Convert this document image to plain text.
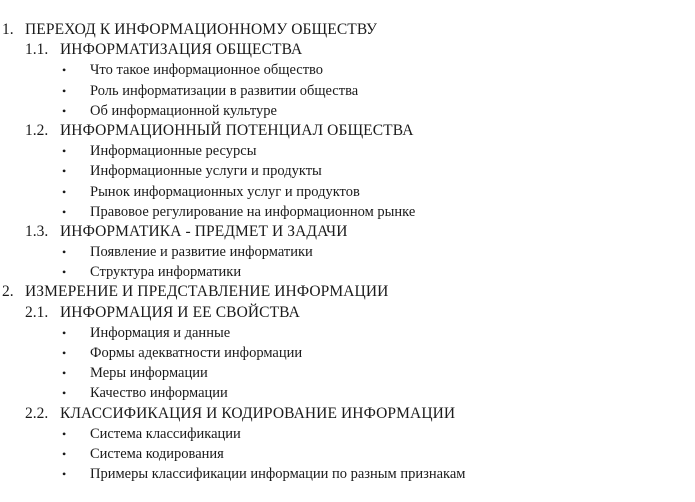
1. ПЕРЕХОД К ИНФОРМАЦИОННОМУ ОБЩЕСТВУ
1.1. ИНФОРМАТИЗАЦИЯ ОБЩЕСТВА
• Что такое информационное общество
• Роль информатизации в развитии общества
• Об информационной культуре
1.2. ИНФОРМАЦИОННЫЙ ПОТЕНЦИАЛ ОБЩЕСТВА
• Информационные ресурсы
• Информационные услуги и продукты
• Рынок информационных услуг и продуктов
• Правовое регулирование на информационном рынке
1.3. ИНФОРМАТИКА - ПРЕДМЕТ И ЗАДАЧИ
• Появление и развитие информатики
• Структура информатики
2. ИЗМЕРЕНИЕ И ПРЕДСТАВЛЕНИЕ ИНФОРМАЦИИ
2.1. ИНФОРМАЦИЯ И ЕЕ СВОЙСТВА
• Информация и данные
• Формы адекватности информации
• Меры информации
• Качество информации
2.2. КЛАССИФИКАЦИЯ И КОДИРОВАНИЕ ИНФОРМАЦИИ
• Система классификации
• Система кодирования
• Примеры классификации информации по разным признакам
